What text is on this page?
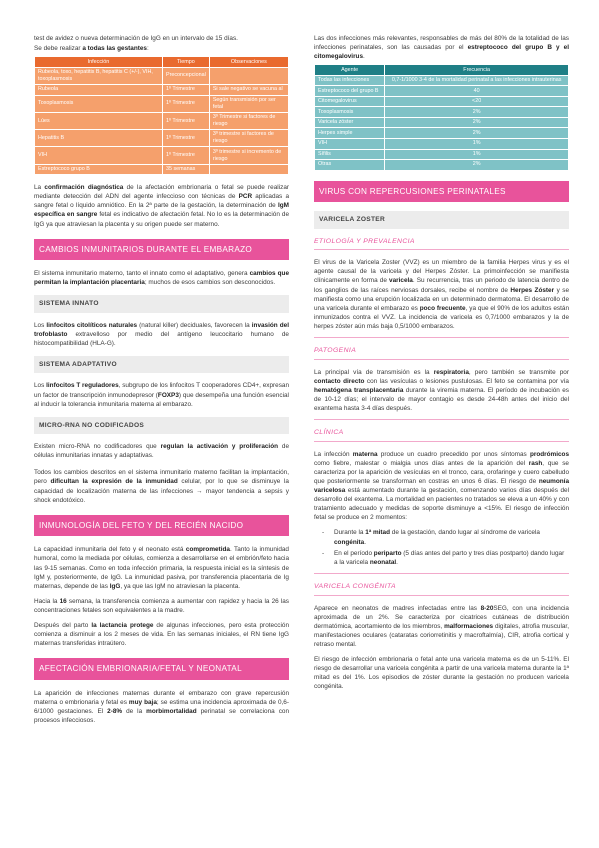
test de avidez o nueva determinación de IgG en un intervalo de 15 días.

Se debe realizar a todas las gestantes:

Infección	Tiempo	Observaciones
Rubeola, toxo, hepatitis B, hepatitis C (+/-), VIH, toxoplasmosis	Preconcepcional	
Rubeola	1º Trimestre	Si sale negativo se vacuna al
Toxoplasmosis	1º Trimestre	Según transmisión por ser fetal
Lúes	1º Trimestre	3º Trimestre si factores de riesgo
Hepatitis B	1º Trimestre	3º trimestre si factores de riesgo
VIH	1º Trimestre	3º trimestre si incremento de riesgo
Estreptococo grupo B	35 semanas	

La confirmación diagnóstica de la afectación embrionaria o fetal se puede realizar mediante detección del ADN del agente infeccioso con técnicas de PCR aplicadas a sangre fetal o líquido amniótico. En la 2ª parte de la gestación, la determinación de IgM específica en sangre fetal es indicativo de afectación fetal. No lo es la determinación de IgG ya que atraviesan la placenta y su origen puede ser materno.

CAMBIOS INMUNITARIOS DURANTE EL EMBARAZO

El sistema inmunitario materno, tanto el innato como el adaptativo, genera cambios que permitan la implantación placentaria; muchos de esos cambios son desconocidos.

SISTEMA INNATO

Los linfocitos citolíticos naturales (natural killer) deciduales, favorecen la invasión del trofoblasto extravelloso por medio del antígeno leucocitario humano de histocompatibilidad (HLA-G).

SISTEMA ADAPTATIVO

Los linfocitos T reguladores, subgrupo de los linfocitos T cooperadores CD4+, expresan un factor de transcripción inmunodepresor (FOXP3) que desempeña una función esencial al inducir la tolerancia inmunitaria materna al embarazo.

MICRO-RNA NO CODIFICADOS

Existen micro-RNA no codificadores que regulan la activación y proliferación de células inmunitarias innatas y adaptativas.

Todos los cambios descritos en el sistema inmunitario materno facilitan la implantación, pero dificultan la expresión de la inmunidad celular, por lo que se disminuye la capacidad de localización materna de las infecciones → mayor tendencia a sepsis y shock endotóxico.

INMUNOLOGÍA DEL FETO Y DEL RECIÉN NACIDO

La capacidad inmunitaria del feto y el neonato está comprometida. Tanto la inmunidad humoral, como la mediada por células, comienza a desarrollarse en el embrión/feto hacia las 9-15 semanas. Como en toda infección primaria, la respuesta inicial es la síntesis de IgM y, posteriormente, de IgG. La inmunidad pasiva, por transferencia placentaria de Ig maternas, depende de las IgG, ya que las IgM no atraviesan la placenta.

Hacia la 16 semana, la transferencia comienza a aumentar con rapidez y hacia la 26 las concentraciones fetales son equivalentes a la madre.

Después del parto la lactancia protege de algunas infecciones, pero esta protección comienza a disminuir a los 2 meses de vida. En las semanas iniciales, el RN tiene IgG maternas transferidas intraútero.

AFECTACIÓN EMBRIONARIA/FETAL Y NEONATAL

La aparición de infecciones maternas durante el embarazo con grave repercusión materna o embrionaria y fetal es muy baja; se estima una incidencia aproximada de 0,6- 6/1000 gestaciones. El 2-8% de la morbimortalidad perinatal se correlaciona con procesos infecciosos.

Las dos infecciones más relevantes, responsables de más del 80% de la totalidad de las infecciones perinatales, son las causadas por el estreptococo del grupo B y el citomegalovirus.

Agente	Frecuencia
Todas las infecciones	0,7-1/1000 3-4 de la mortalidad perinatal a las infecciones intrauterinas
Estreptococo del grupo B	40
Citomegalovirus	<20
Toxoplasmosis	2%
Varicela zóster	2%
Herpes simple	2%
VIH	1%
Sífilis	1%
Otras	2%
VIRUS CON REPERCUSIONES PERINATALES
VARICELA ZOSTER
ETIOLOGÍA Y PREVALENCIA

El virus de la Varicela Zoster (VVZ) es un miembro de la familia Herpes virus y es el agente causal de la varicela y del Herpes Zóster. La primoinfección se manifiesta clínicamente en forma de varicela. Su recurrencia, tras un periodo de latencia dentro de los ganglios de las raíces nerviosas dorsales, recibe el nombre de Herpes Zóster y se manifiesta como una erupción localizada en un determinado dermatoma. El desarrollo de una varicela durante el embarazo es poco frecuente, ya que el 90% de los adultos están inmunizados contra el VVZ. La incidencia de varicela es 0,7/1000 embarazos y la de herpes zóster aún más baja 0,5/1000 embarazos.

PATOGENIA

La principal vía de transmisión es la respiratoria, pero también se transmite por contacto directo con las vesículas o lesiones pustulosas. El feto se contamina por vía hematógena transplacentaria durante la viremia materna. El período de incubación es de 10-12 días; el intervalo de mayor contagio es desde 24-48h antes del inicio del exantema hasta 3-4 días después.

CLÍNICA

La infección materna produce un cuadro precedido por unos síntomas prodrómicos como fiebre, malestar o mialgia unos días antes de la aparición del rash, que se caracteriza por la aparición de vesículas en el tronco, cara, orofaringe y cuero cabelludo que posteriormente se transforman en costras en unos 6 días. El riesgo de neumonía varicelosa está aumentado durante la gestación, comenzando varios días después del desarrollo del exantema. La mortalidad en pacientes no tratados se eleva a un 40% y con tratamiento adecuado y medidas de soporte disminuye a <15%. El riesgo de infección fetal se produce en 2 momentos:

- Durante la 1ª mitad de la gestación, dando lugar al síndrome de varicela congénita.
- En el período periparto (5 días antes del parto y tres días postparto) dando lugar a la varicela neonatal.
VARICELA CONGÉNITA

Aparece en neonatos de madres infectadas entre las 8-20SEG, con una incidencia aproximada de un 2%. Se caracteriza por cicatrices cutáneas de distribución dermatómica, acortamiento de los miembros, malformaciones digitales, atrofia muscular, manifestaciones oculares (cataratas coriorretinitis y macroftalmía), CIR, atrofia cortical y retraso mental.

El riesgo de infección embrionaria o fetal ante una varicela materna es de un 5-11%. El riesgo de desarrollar una varicela congénita a partir de una varicela materna durante la 1ª mitad es del 1%. Los episodios de zóster durante la gestación no producen varicela congénita.
